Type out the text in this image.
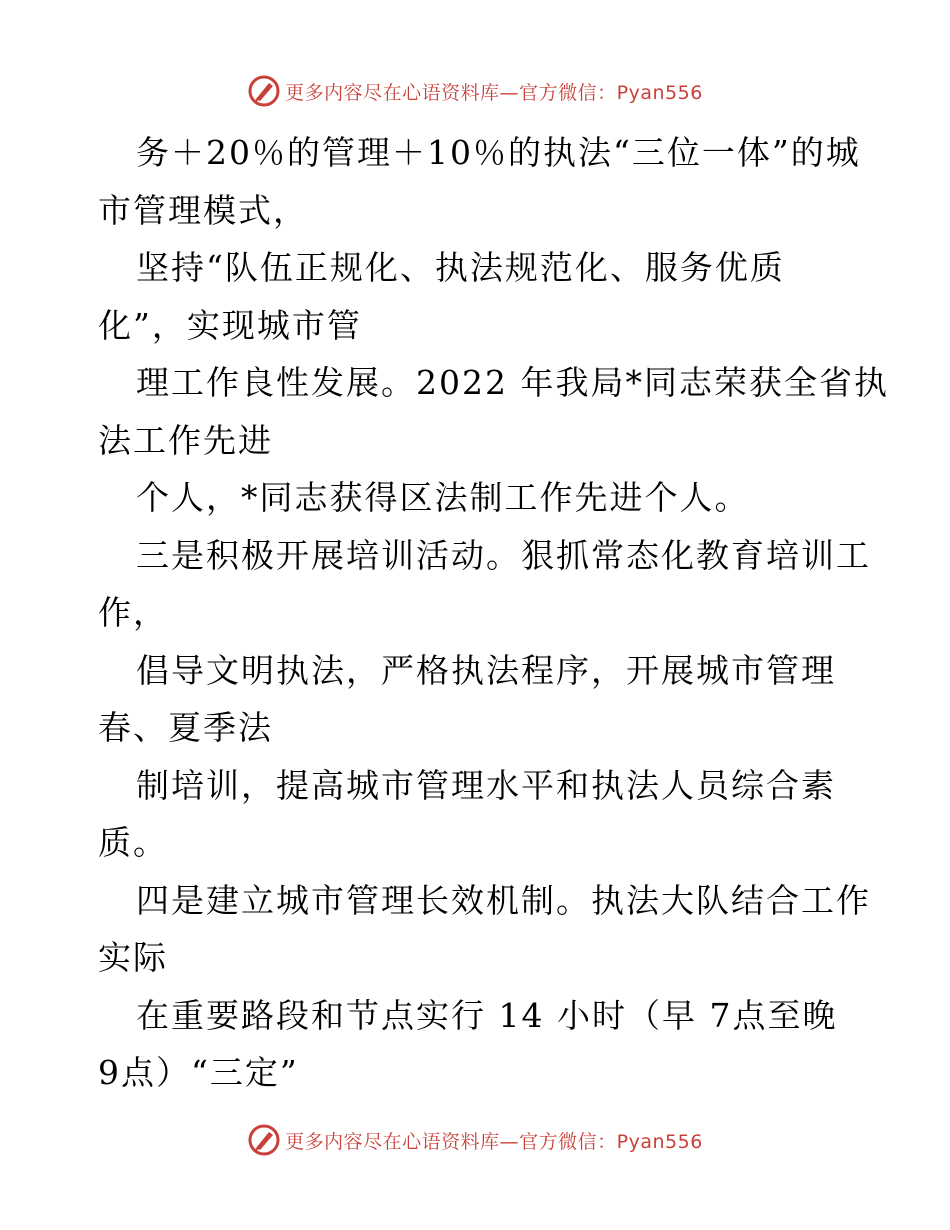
更多内容尽在心语资料库—官方微信：Pyan556
务＋20％的管理＋10％的执法“三位一体”的城
市管理模式，
坚持“队伍正规化、执法规范化、服务优质
化”，实现城市管
理工作良性发展。2022 年我局*同志荣获全省执
法工作先进
个人，*同志获得区法制工作先进个人。
三是积极开展培训活动。狠抓常态化教育培训工
作，
倡导文明执法，严格执法程序，开展城市管理
春、夏季法
制培训，提高城市管理水平和执法人员综合素
质。
四是建立城市管理长效机制。执法大队结合工作
实际
在重要路段和节点实行 14 小时（早 7点至晚
9点）“三定”
更多内容尽在心语资料库—官方微信：Pyan556
